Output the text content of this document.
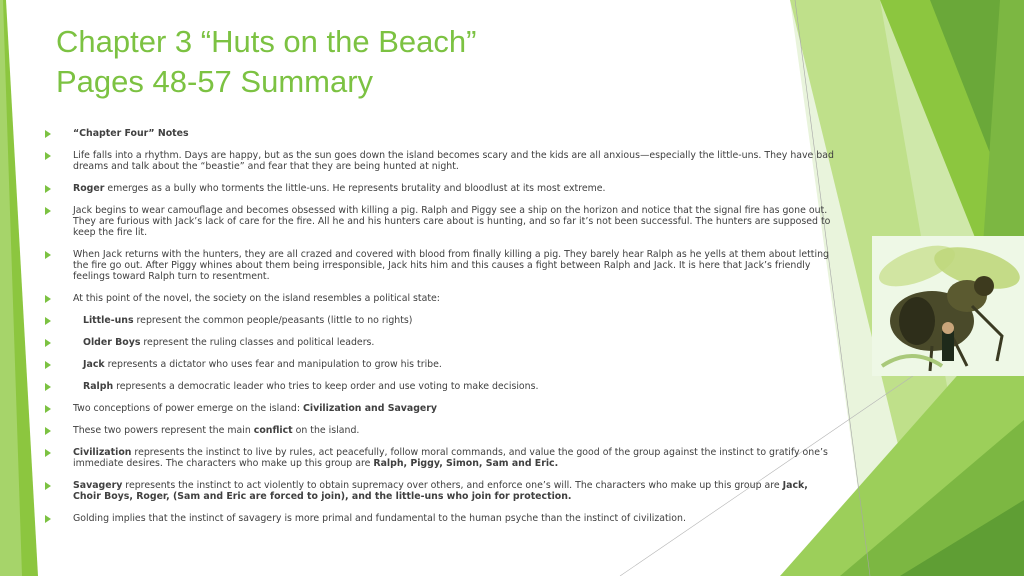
Chapter 3 “Huts on the Beach”
Pages 48-57 Summary
“Chapter Four” Notes
Life falls into a rhythm. Days are happy, but as the sun goes down the island becomes scary and the kids are all anxious—especially the little-uns. They have bad dreams and talk about the “beastie” and fear that they are being hunted at night.
Roger emerges as a bully who torments the little-uns. He represents brutality and bloodlust at its most extreme.
Jack begins to wear camouflage and becomes obsessed with killing a pig. Ralph and Piggy see a ship on the horizon and notice that the signal fire has gone out. They are furious with Jack’s lack of care for the fire. All he and his hunters care about is hunting, and so far it’s not been successful. The hunters are supposed to keep the fire lit.
When Jack returns with the hunters, they are all crazed and covered with blood from finally killing a pig. They barely hear Ralph as he yells at them about letting the fire go out. After Piggy whines about them being irresponsible, Jack hits him and this causes a fight between Ralph and Jack. It is here that Jack’s friendly feelings toward Ralph turn to resentment.
At this point of the novel, the society on the island resembles a political state:
Little-uns represent the common people/peasants (little to no rights)
Older Boys represent the ruling classes and political leaders.
Jack represents a dictator who uses fear and manipulation to grow his tribe.
Ralph represents a democratic leader who tries to keep order and use voting to make decisions.
Two conceptions of power emerge on the island: Civilization and Savagery
These two powers represent the main conflict on the island.
Civilization represents the instinct to live by rules, act peacefully, follow moral commands, and value the good of the group against the instinct to gratify one’s immediate desires. The characters who make up this group are Ralph, Piggy, Simon, Sam and Eric.
Savagery represents the instinct to act violently to obtain supremacy over others, and enforce one’s will. The characters who make up this group are Jack, Choir Boys, Roger, (Sam and Eric are forced to join), and the little-uns who join for protection.
Golding implies that the instinct of savagery is more primal and fundamental to the human psyche than the instinct of civilization.
